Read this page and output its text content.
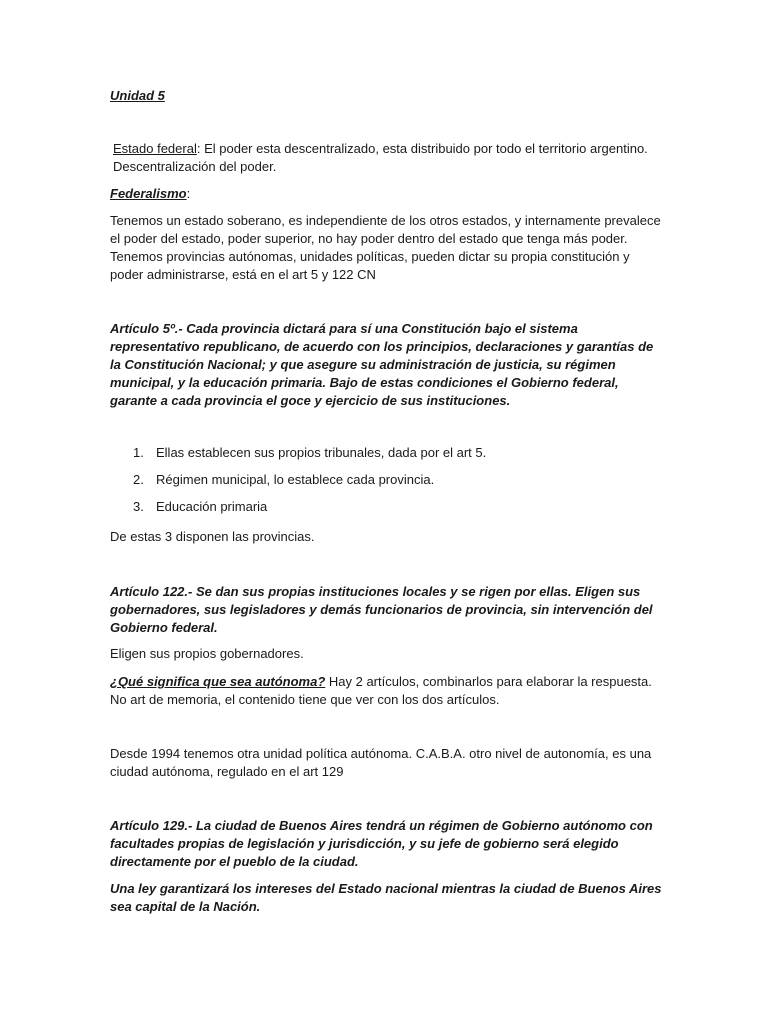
Unidad 5

Estado federal: El poder esta descentralizado, esta distribuido por todo el territorio argentino. Descentralización del poder.

Federalismo:

Tenemos un estado soberano, es independiente de los otros estados, y internamente prevalece el poder del estado, poder superior, no hay poder dentro del estado que tenga más poder. Tenemos provincias autónomas, unidades políticas, pueden dictar su propia constitución y poder administrarse, está en el art 5 y 122 CN

Artículo 5º.- Cada provincia dictará para sí una Constitución bajo el sistema representativo republicano, de acuerdo con los principios, declaraciones y garantías de la Constitución Nacional; y que asegure su administración de justicia, su régimen municipal, y la educación primaria. Bajo de estas condiciones el Gobierno federal, garante a cada provincia el goce y ejercicio de sus instituciones.

1. Ellas establecen sus propios tribunales, dada por el art 5.
2. Régimen municipal, lo establece cada provincia.
3. Educación primaria

De estas 3 disponen las provincias.

Artículo 122.- Se dan sus propias instituciones locales y se rigen por ellas. Eligen sus gobernadores, sus legisladores y demás funcionarios de provincia, sin intervención del Gobierno federal.

Eligen sus propios gobernadores.

¿Qué significa que sea autónoma? Hay 2 artículos, combinarlos para elaborar la respuesta. No art de memoria, el contenido tiene que ver con los dos artículos.

Desde 1994 tenemos otra unidad política autónoma. C.A.B.A. otro nivel de autonomía, es una ciudad autónoma, regulado en el art 129

Artículo 129.- La ciudad de Buenos Aires tendrá un régimen de Gobierno autónomo con facultades propias de legislación y jurisdicción, y su jefe de gobierno será elegido directamente por el pueblo de la ciudad.

Una ley garantizará los intereses del Estado nacional mientras la ciudad de Buenos Aires sea capital de la Nación.
